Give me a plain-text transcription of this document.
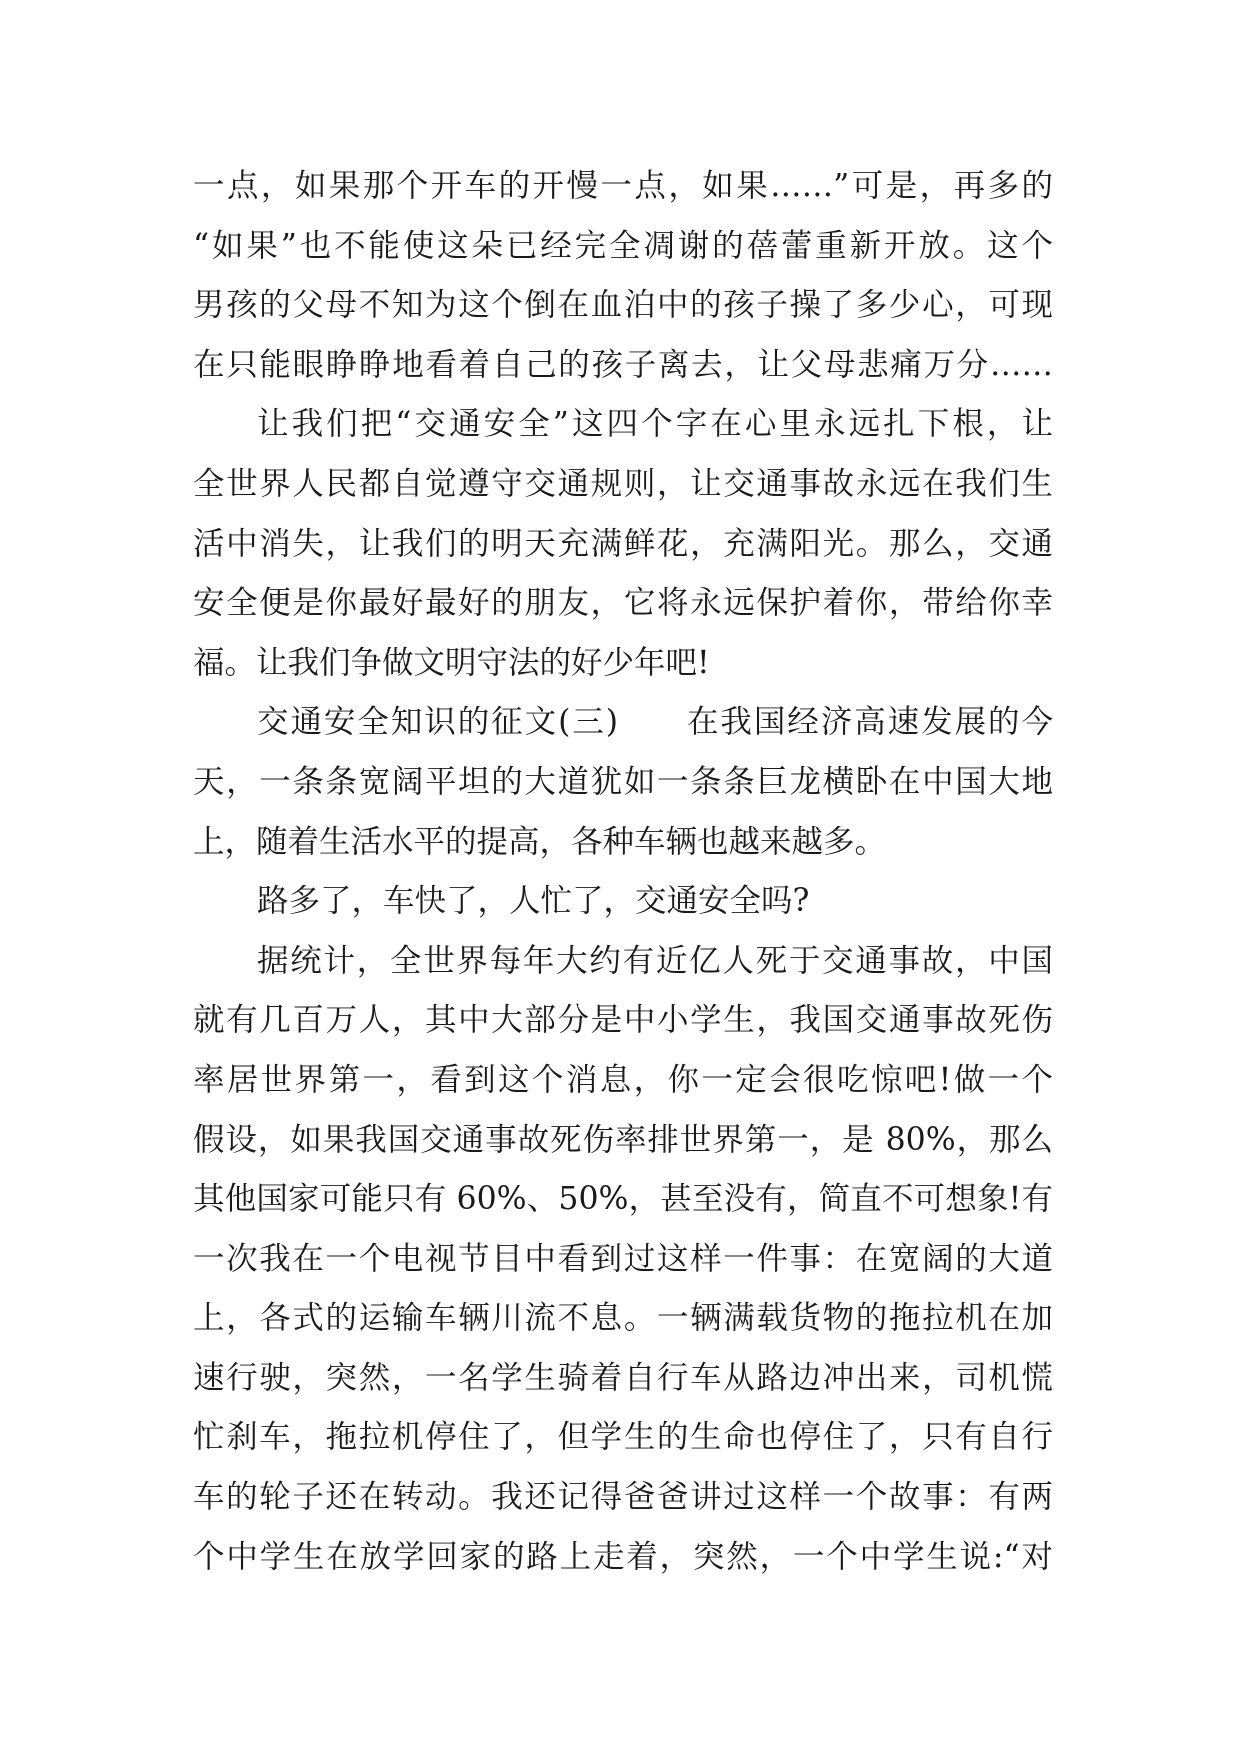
一点，如果那个开车的开慢一点，如果……”可是，再多的
“如果”也不能使这朵已经完全凋谢的蓓蕾重新开放。这个
男孩的父母不知为这个倒在血泊中的孩子操了多少心，可现
在只能眼睁睁地看着自己的孩子离去，让父母悲痛万分……
让我们把“交通安全”这四个字在心里永远扎下根，让
全世界人民都自觉遵守交通规则，让交通事故永远在我们生
活中消失，让我们的明天充满鲜花，充满阳光。那么，交通
安全便是你最好最好的朋友，它将永远保护着你，带给你幸
福。让我们争做文明守法的好少年吧!
交通安全知识的征文(三)　　在我国经济高速发展的今
天，一条条宽阔平坦的大道犹如一条条巨龙横卧在中国大地
上，随着生活水平的提高，各种车辆也越来越多。
路多了，车快了，人忙了，交通安全吗?
据统计，全世界每年大约有近亿人死于交通事故，中国
就有几百万人，其中大部分是中小学生，我国交通事故死伤
率居世界第一，看到这个消息，你一定会很吃惊吧!做一个
假设，如果我国交通事故死伤率排世界第一，是 80%，那么
其他国家可能只有 60%、50%，甚至没有，简直不可想象!有
一次我在一个电视节目中看到过这样一件事：在宽阔的大道
上，各式的运输车辆川流不息。一辆满载货物的拖拉机在加
速行驶，突然，一名学生骑着自行车从路边冲出来，司机慌
忙刹车，拖拉机停住了，但学生的生命也停住了，只有自行
车的轮子还在转动。我还记得爸爸讲过这样一个故事：有两
个中学生在放学回家的路上走着，突然，一个中学生说:“对
